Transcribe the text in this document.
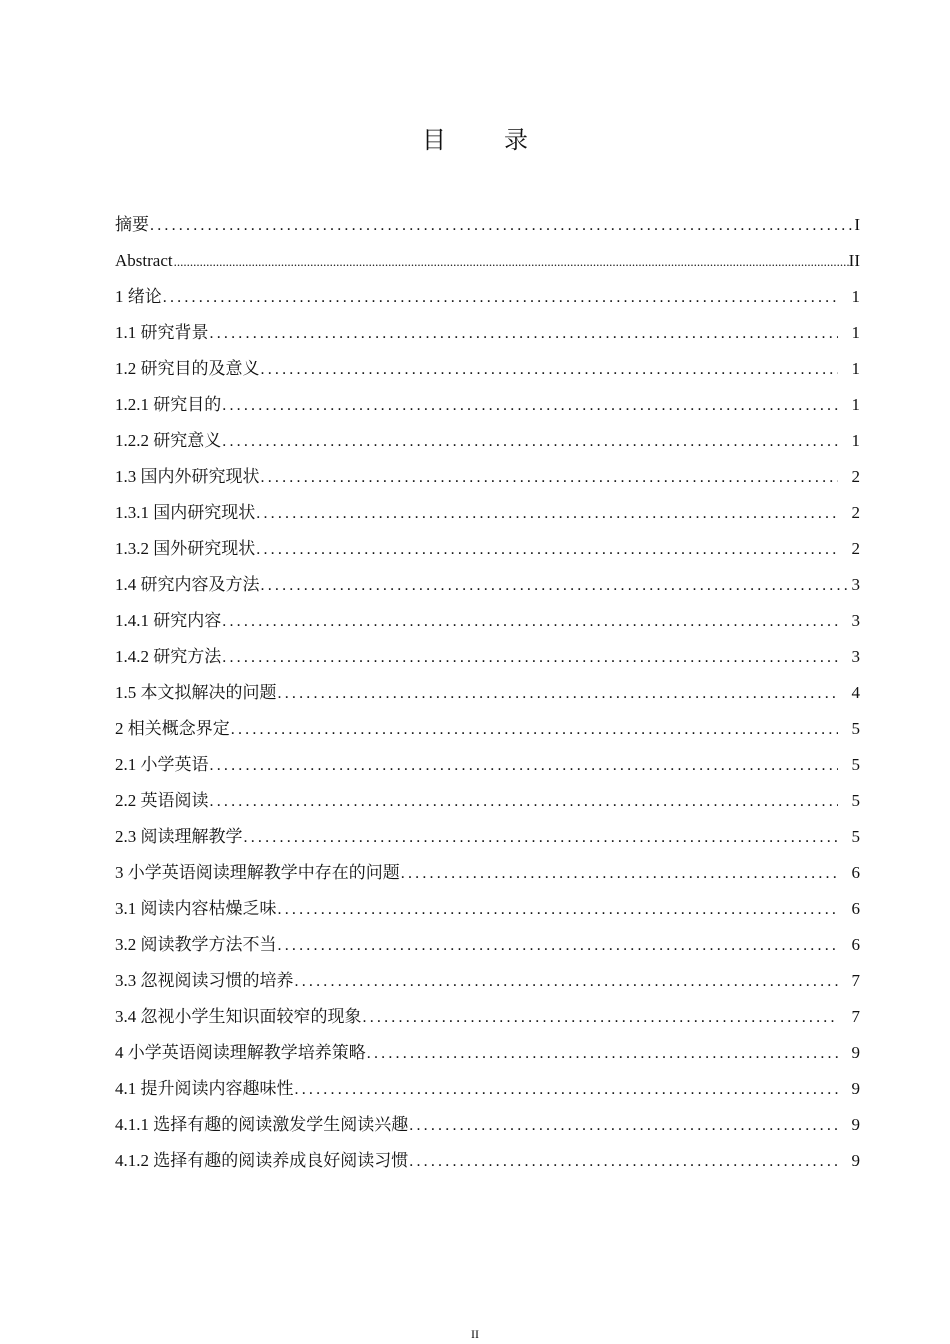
目 录
摘要 .....	I
Abstract .....	II
1 绪论 .....	1
1.1 研究背景 .....	1
1.2 研究目的及意义 .....	1
1.2.1 研究目的 .....	1
1.2.2 研究意义 .....	1
1.3 国内外研究现状 .....	2
1.3.1 国内研究现状 .....	2
1.3.2 国外研究现状 .....	2
1.4 研究内容及方法 .....	3
1.4.1 研究内容 .....	3
1.4.2 研究方法 .....	3
1.5 本文拟解决的问题 .....	4
2 相关概念界定 .....	5
2.1 小学英语 .....	5
2.2 英语阅读 .....	5
2.3 阅读理解教学 .....	5
3 小学英语阅读理解教学中存在的问题 .....	6
3.1 阅读内容枯燥乏味 .....	6
3.2 阅读教学方法不当 .....	6
3.3 忽视阅读习惯的培养 .....	7
3.4 忽视小学生知识面较窄的现象 .....	7
4 小学英语阅读理解教学培养策略 .....	9
4.1 提升阅读内容趣味性 .....	9
4.1.1 选择有趣的阅读激发学生阅读兴趣 .....	9
4.1.2 选择有趣的阅读养成良好阅读习惯 .....	9
II
